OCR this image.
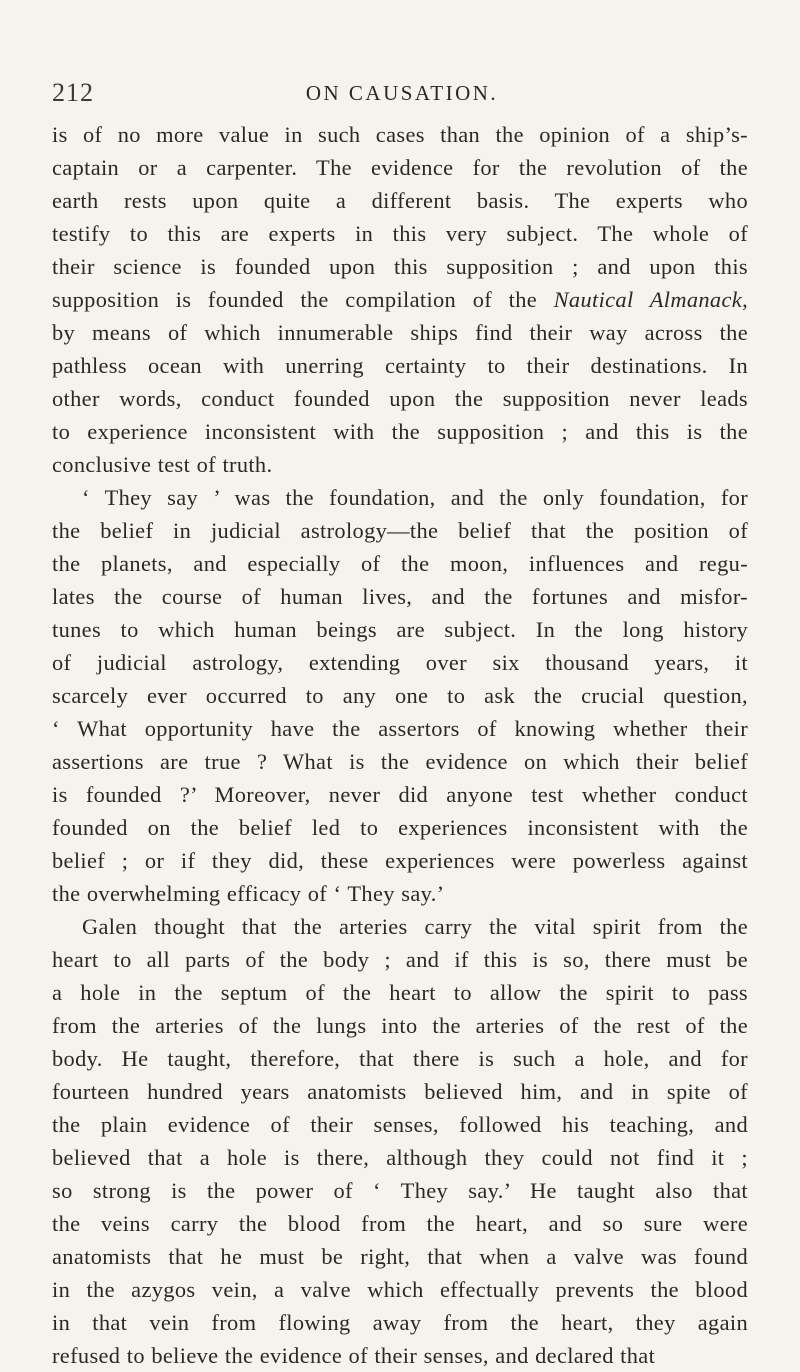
212	ON CAUSATION.

is of no more value in such cases than the opinion of a ship’s-
captain or a carpenter. The evidence for the revolution of the
earth rests upon quite a different basis. The experts who
testify to this are experts in this very subject. The whole of
their science is founded upon this supposition ; and upon this
supposition is founded the compilation of the Nautical Almanack,
by means of which innumerable ships find their way across the
pathless ocean with unerring certainty to their destinations. In
other words, conduct founded upon the supposition never leads
to experience inconsistent with the supposition ; and this is the
conclusive test of truth.

‘ They say ’ was the foundation, and the only foundation, for
the belief in judicial astrology—the belief that the position of
the planets, and especially of the moon, influences and regu-
lates the course of human lives, and the fortunes and misfor-
tunes to which human beings are subject. In the long history
of judicial astrology, extending over six thousand years, it
scarcely ever occurred to any one to ask the crucial question,
‘ What opportunity have the assertors of knowing whether their
assertions are true ? What is the evidence on which their belief
is founded ?’ Moreover, never did anyone test whether conduct
founded on the belief led to experiences inconsistent with the
belief ; or if they did, these experiences were powerless against
the overwhelming efficacy of ‘ They say.’

Galen thought that the arteries carry the vital spirit from the
heart to all parts of the body ; and if this is so, there must be
a hole in the septum of the heart to allow the spirit to pass
from the arteries of the lungs into the arteries of the rest of the
body. He taught, therefore, that there is such a hole, and for
fourteen hundred years anatomists believed him, and in spite of
the plain evidence of their senses, followed his teaching, and
believed that a hole is there, although they could not find it ;
so strong is the power of ‘ They say.’ He taught also that
the veins carry the blood from the heart, and so sure were
anatomists that he must be right, that when a valve was found
in the azygos vein, a valve which effectually prevents the blood
in that vein from flowing away from the heart, they again
refused to believe the evidence of their senses, and declared that
